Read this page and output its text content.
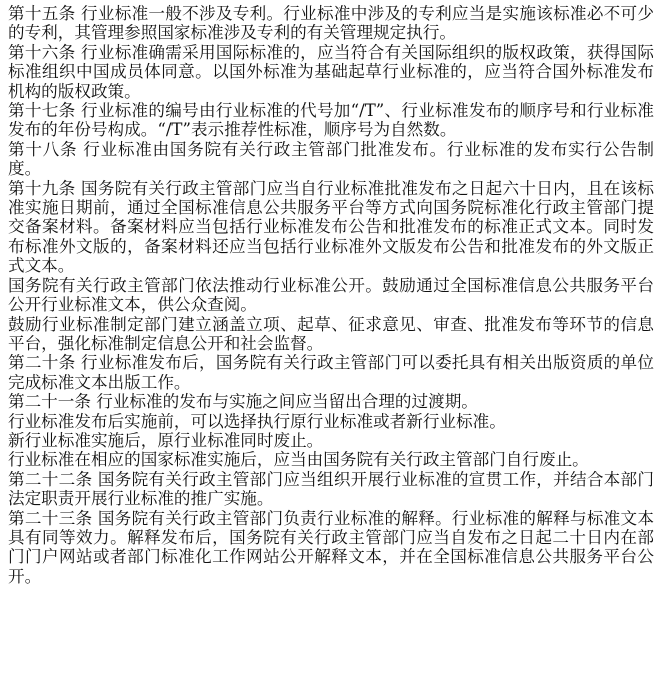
第十五条 行业标准一般不涉及专利。行业标准中涉及的专利应当是实施该标准必不可少的专利，其管理参照国家标准涉及专利的有关管理规定执行。

第十六条 行业标准确需采用国际标准的，应当符合有关国际组织的版权政策，获得国际标准组织中国成员体同意。以国外标准为基础起草行业标准的，应当符合国外标准发布机构的版权政策。

第十七条 行业标准的编号由行业标准的代号加“/T”、行业标准发布的顺序号和行业标准发布的年份号构成。“/T”表示推荐性标准，顺序号为自然数。

第十八条 行业标准由国务院有关行政主管部门批准发布。行业标准的发布实行公告制度。

第十九条 国务院有关行政主管部门应当自行业标准批准发布之日起六十日内，且在该标准实施日期前，通过全国标准信息公共服务平台等方式向国务院标准化行政主管部门提交备案材料。备案材料应当包括行业标准发布公告和批准发布的标准正式文本。同时发布标准外文版的，备案材料还应当包括行业标准外文版发布公告和批准发布的外文版正式文本。

国务院有关行政主管部门依法推动行业标准公开。鼓励通过全国标准信息公共服务平台公开行业标准文本，供公众查阅。

鼓励行业标准制定部门建立涵盖立项、起草、征求意见、审查、批准发布等环节的信息平台，强化标准制定信息公开和社会监督。

第二十条 行业标准发布后，国务院有关行政主管部门可以委托具有相关出版资质的单位完成标准文本出版工作。

第二十一条 行业标准的发布与实施之间应当留出合理的过渡期。

行业标准发布后实施前，可以选择执行原行业标准或者新行业标准。

新行业标准实施后，原行业标准同时废止。

行业标准在相应的国家标准实施后，应当由国务院有关行政主管部门自行废止。

第二十二条 国务院有关行政主管部门应当组织开展行业标准的宣贯工作，并结合本部门法定职责开展行业标准的推广实施。

第二十三条 国务院有关行政主管部门负责行业标准的解释。行业标准的解释与标准文本具有同等效力。解释发布后，国务院有关行政主管部门应当自发布之日起二十日内在部门门户网站或者部门标准化工作网站公开解释文本，并在全国标准信息公共服务平台公开。
